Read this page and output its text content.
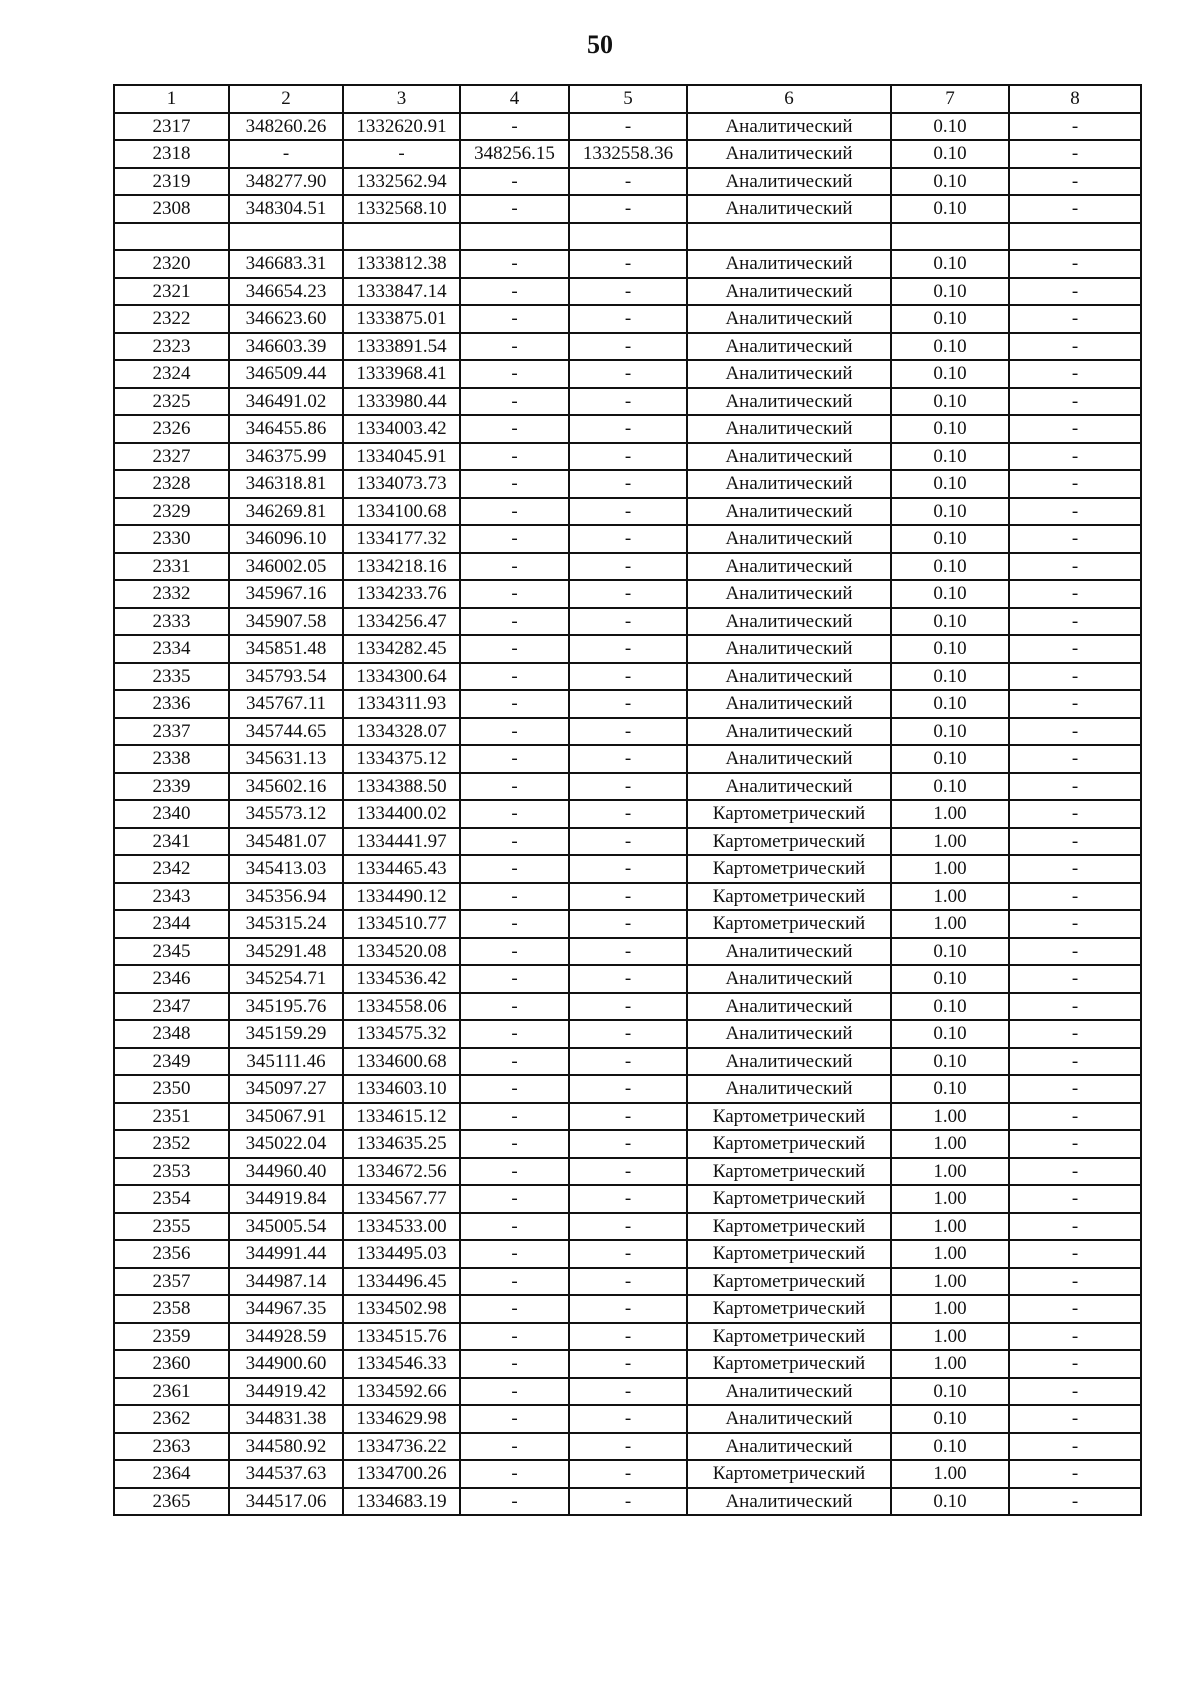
50
1	2	3	4	5	6	7	8
2317	348260.26	1332620.91	-	-	Аналитический	0.10	-
2318	-	-	348256.15	1332558.36	Аналитический	0.10	-
2319	348277.90	1332562.94	-	-	Аналитический	0.10	-
2308	348304.51	1332568.10	-	-	Аналитический	0.10	-

2320	346683.31	1333812.38	-	-	Аналитический	0.10	-
2321	346654.23	1333847.14	-	-	Аналитический	0.10	-
2322	346623.60	1333875.01	-	-	Аналитический	0.10	-
2323	346603.39	1333891.54	-	-	Аналитический	0.10	-
2324	346509.44	1333968.41	-	-	Аналитический	0.10	-
2325	346491.02	1333980.44	-	-	Аналитический	0.10	-
2326	346455.86	1334003.42	-	-	Аналитический	0.10	-
2327	346375.99	1334045.91	-	-	Аналитический	0.10	-
2328	346318.81	1334073.73	-	-	Аналитический	0.10	-
2329	346269.81	1334100.68	-	-	Аналитический	0.10	-
2330	346096.10	1334177.32	-	-	Аналитический	0.10	-
2331	346002.05	1334218.16	-	-	Аналитический	0.10	-
2332	345967.16	1334233.76	-	-	Аналитический	0.10	-
2333	345907.58	1334256.47	-	-	Аналитический	0.10	-
2334	345851.48	1334282.45	-	-	Аналитический	0.10	-
2335	345793.54	1334300.64	-	-	Аналитический	0.10	-
2336	345767.11	1334311.93	-	-	Аналитический	0.10	-
2337	345744.65	1334328.07	-	-	Аналитический	0.10	-
2338	345631.13	1334375.12	-	-	Аналитический	0.10	-
2339	345602.16	1334388.50	-	-	Аналитический	0.10	-
2340	345573.12	1334400.02	-	-	Картометрический	1.00	-
2341	345481.07	1334441.97	-	-	Картометрический	1.00	-
2342	345413.03	1334465.43	-	-	Картометрический	1.00	-
2343	345356.94	1334490.12	-	-	Картометрический	1.00	-
2344	345315.24	1334510.77	-	-	Картометрический	1.00	-
2345	345291.48	1334520.08	-	-	Аналитический	0.10	-
2346	345254.71	1334536.42	-	-	Аналитический	0.10	-
2347	345195.76	1334558.06	-	-	Аналитический	0.10	-
2348	345159.29	1334575.32	-	-	Аналитический	0.10	-
2349	345111.46	1334600.68	-	-	Аналитический	0.10	-
2350	345097.27	1334603.10	-	-	Аналитический	0.10	-
2351	345067.91	1334615.12	-	-	Картометрический	1.00	-
2352	345022.04	1334635.25	-	-	Картометрический	1.00	-
2353	344960.40	1334672.56	-	-	Картометрический	1.00	-
2354	344919.84	1334567.77	-	-	Картометрический	1.00	-
2355	345005.54	1334533.00	-	-	Картометрический	1.00	-
2356	344991.44	1334495.03	-	-	Картометрический	1.00	-
2357	344987.14	1334496.45	-	-	Картометрический	1.00	-
2358	344967.35	1334502.98	-	-	Картометрический	1.00	-
2359	344928.59	1334515.76	-	-	Картометрический	1.00	-
2360	344900.60	1334546.33	-	-	Картометрический	1.00	-
2361	344919.42	1334592.66	-	-	Аналитический	0.10	-
2362	344831.38	1334629.98	-	-	Аналитический	0.10	-
2363	344580.92	1334736.22	-	-	Аналитический	0.10	-
2364	344537.63	1334700.26	-	-	Картометрический	1.00	-
2365	344517.06	1334683.19	-	-	Аналитический	0.10	-
